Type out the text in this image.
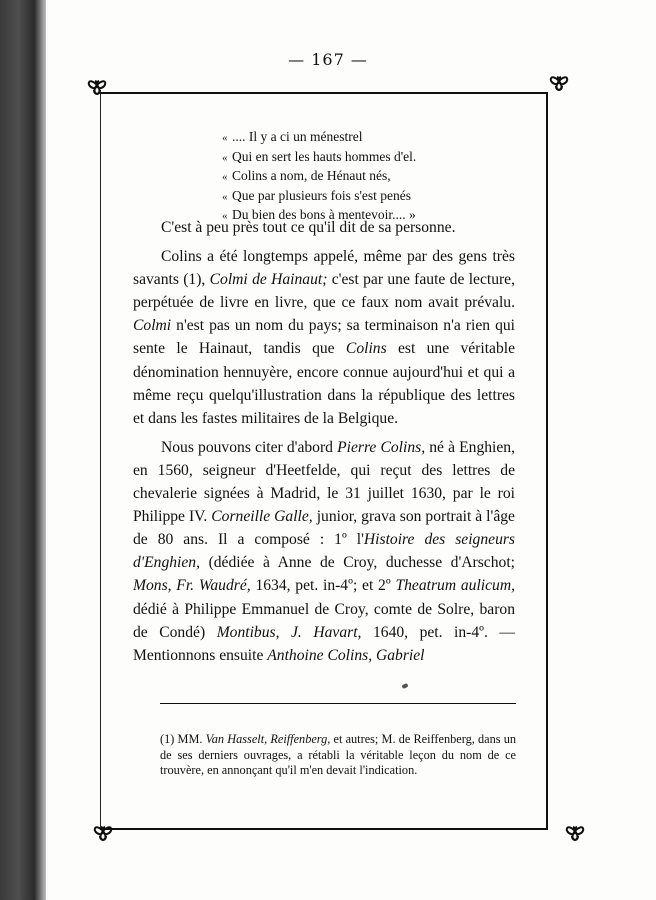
— 167 —
« .... Il y a ci un ménestrel
« Qui en sert les hauts hommes d'el.
« Colins a nom, de Hénaut nés,
« Que par plusieurs fois s'est penés
« Du bien des bons à mentevoir.... »

C'est à peu près tout ce qu'il dit de sa personne.

Colins a été longtemps appelé, même par des gens très savants (1), Colmi de Hainaut; c'est par une faute de lecture, perpétuée de livre en livre, que ce faux nom avait prévalu. Colmi n'est pas un nom du pays; sa terminaison n'a rien qui sente le Hainaut, tandis que Colins est une véritable dénomination hennuyère, encore connue aujourd'hui et qui a même reçu quelqu'illustration dans la république des lettres et dans les fastes militaires de la Belgique.

Nous pouvons citer d'abord Pierre Colins, né à Enghien, en 1560, seigneur d'Heetfelde, qui reçut des lettres de chevalerie signées à Madrid, le 31 juillet 1630, par le roi Philippe IV. Corneille Galle, junior, grava son portrait à l'âge de 80 ans. Il a composé : 1º l'Histoire des seigneurs d'Enghien, (dédiée à Anne de Croy, duchesse d'Arschot; Mons, Fr. Waudré, 1634, pet. in-4º; et 2º Theatrum aulicum, dédié à Philippe Emmanuel de Croy, comte de Solre, baron de Condé) Montibus, J. Havart, 1640, pet. in-4º. — Mentionnons ensuite Anthoine Colins, Gabriel

(1) MM. Van Hasselt, Reiffenberg, et autres; M. de Reiffenberg, dans un de ses derniers ouvrages, a rétabli la véritable leçon du nom de ce trouvère, en annonçant qu'il m'en devait l'indication.
